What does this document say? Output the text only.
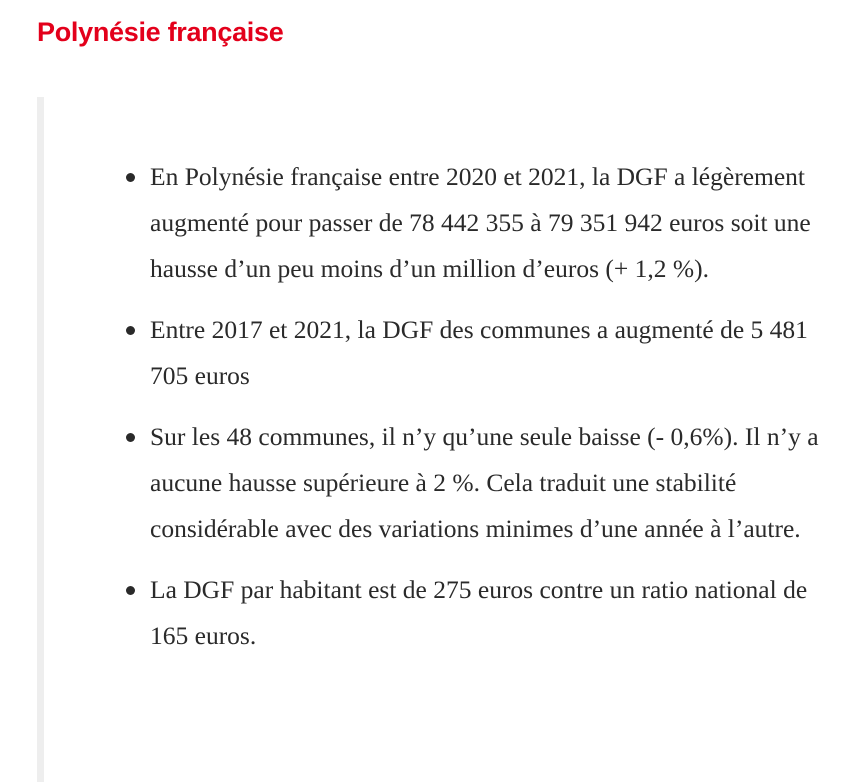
Polynésie française
En Polynésie française entre 2020 et 2021, la DGF a légèrement augmenté pour passer de 78 442 355 à 79 351 942 euros soit une hausse d’un peu moins d’un million d’euros (+ 1,2 %).
Entre 2017 et 2021, la DGF des communes a augmenté de 5 481 705 euros
Sur les 48 communes, il n’y qu’une seule baisse (- 0,6%). Il n’y a aucune hausse supérieure à 2 %. Cela traduit une stabilité considérable avec des variations minimes d’une année à l’autre.
La DGF par habitant est de 275 euros contre un ratio national de 165 euros.
